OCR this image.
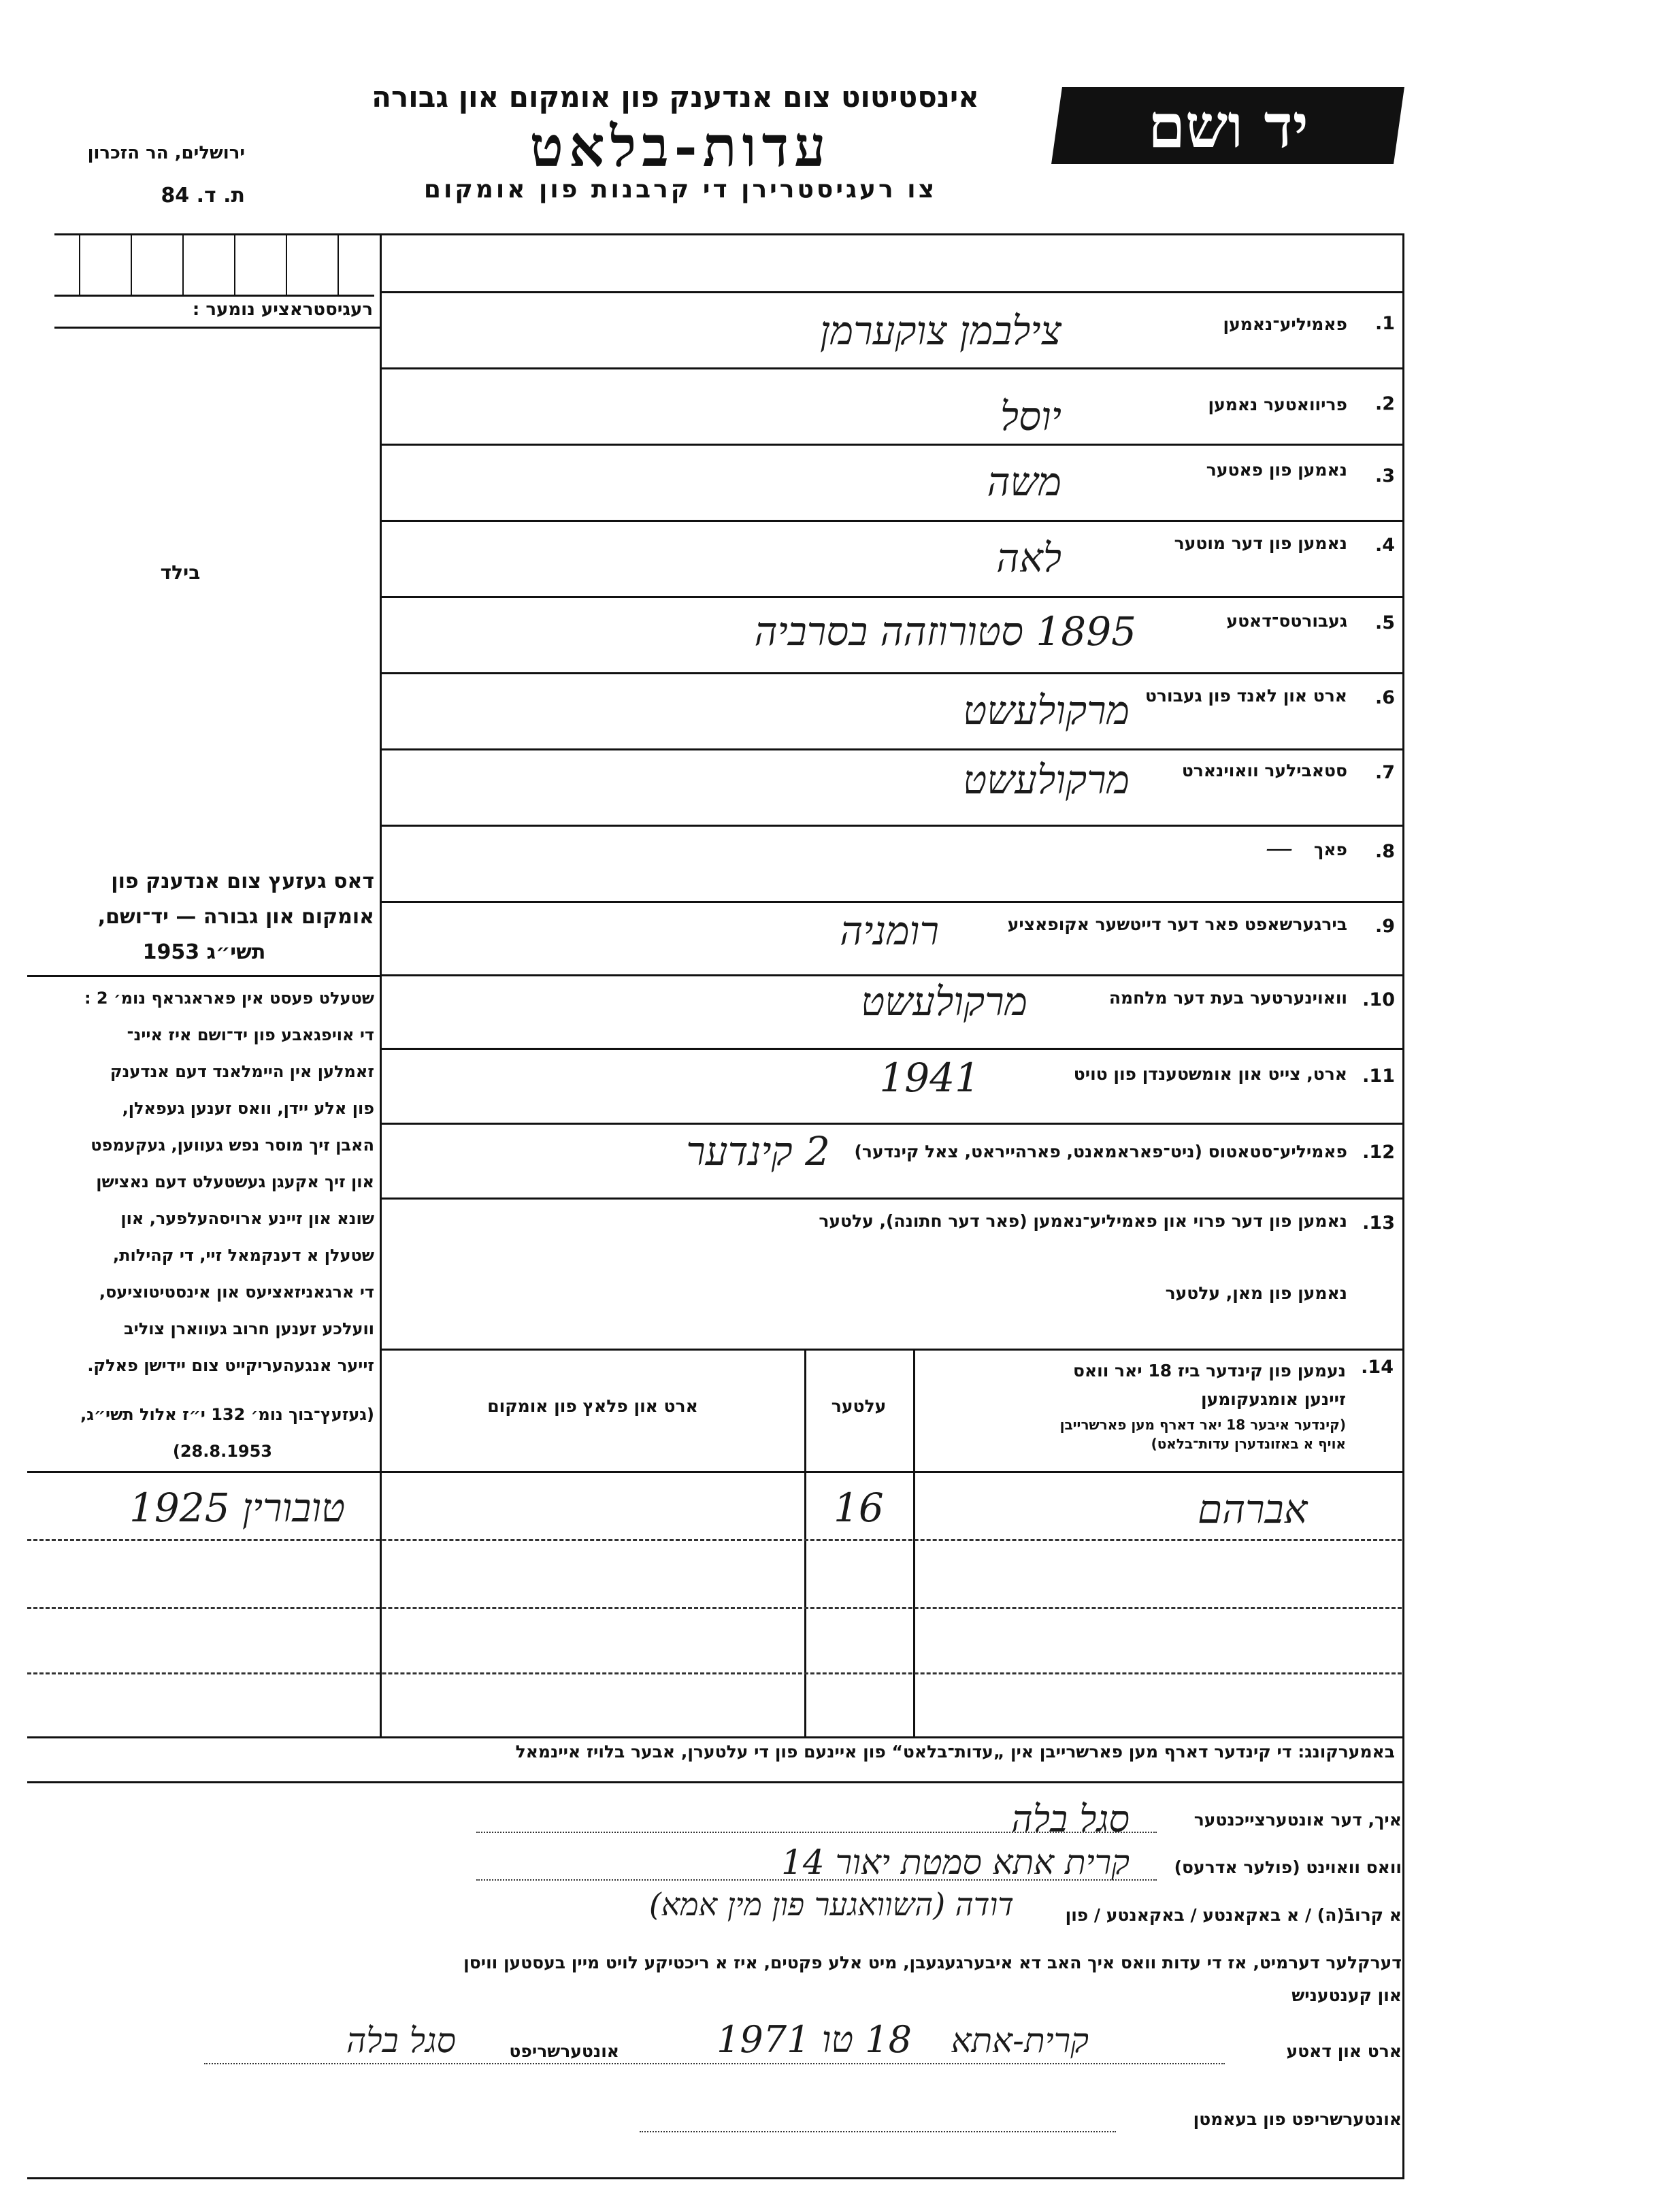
יד ושם
אינסטיטוט צום אנדענק פון אומקום און גבורה
עדות-בלאט
צו רעגיסטרירן די קרבנות פון אומקום
ירושלים, הר הזכרון
ת. ד. 84
רעגיסטראציע נומער :
בילד
דאס געזעץ צום אנדענק פון
אומקום און גבורה — יד־ושם,
תשי״ג 1953
שטעלט פעסט אין פאראגראף נומ׳ 2 :
די אויפגאבע פון יד־ושם איז איינ־
זאמלען אין היימלאנד דעם אנדענק
פון אלע יידן, וואס זענען געפאלן,
האבן זיך מוסר נפש געווען, געקעמפט
און זיך אקעגן געשטעלט דעם נאצישן
שונא און זיינע ארויסהעלפער, און
שטעלן א דענקמאל זיי, די קהילות,
די ארגאניזאציעס און אינסטיטוציעס,
וועלכע זענען חרוב געווארן צוליב
זייער אנגעהעריקייט צום יידישן פאלק.
(געזעץ־בוך נומ׳ 132 י״ז אלול תשי״ג,
28.8.1953)
1.
פאמיליע־נאמען
צילבמן צוקערמן
2.
פריוואטער נאמען
יוסל
3.
נאמען פון פאטער
משה
4.
נאמען פון דער מוטער
לאה
5.
געבורטס־דאטע
1895 סטורוזהה בסרביה
6.
ארט און לאנד פון געבורט
מרקולעשט
7.
סטאבילער וואוינארט
מרקולעשט
8.
פאך
—
9.
בירגערשאפט פאר דער דייטשער אקופאציע
רומניה
10.
וואוינערטער בעת דער מלחמה
מרקולעשט
11.
ארט, צייט און אומשטענדן פון טויט
1941
12.
פאמיליע־סטאטוס (ניט־פאראמאנט, פארהייראט, צאל קינדער)
2 קינדער
13.
נאמען פון דער פרוי און פאמיליע־נאמען (פאר דער חתונה), עלטער
נאמען פון מאן, עלטער
14.
נעמען פון קינדער ביז 18 יאר וואס
זיינען אומגעקומען
(קינדער איבער 18 יאר דארף מען פארשרייבן
אויף א באזונדערן עדות־בלאט)
עלטער
ארט און פלאץ פון אומקום
אברהם
16
טובורין 1925
באמערקונג: די קינדער דארף מען פארשרייבן אין „עדות־בלאט“ פון איינעם פון די עלטערן, אבער בלויז איינמאל
איך, דער אונטערצייכנטער
סגל בלה
וואס וואוינט (פולער אדרעס)
קרית אתא סמטת יאור 14
א קרובֿ(ה) / א באקאנטע / באקאנטע / פון
דודה (השוואגער פון מין אמא)
דערקלער דערמיט, אז די עדות וואס איך האב דא איבערגעגעבן, מיט אלע פקטים, איז א ריכטיקע לויט מיין בעסטען וויסן
און קענטעניש
ארט און דאטע
קרית-אתא
18 טו 1971
אונטערשריפט
סגל בלה
אונטערשריפט פון בעאמטן
